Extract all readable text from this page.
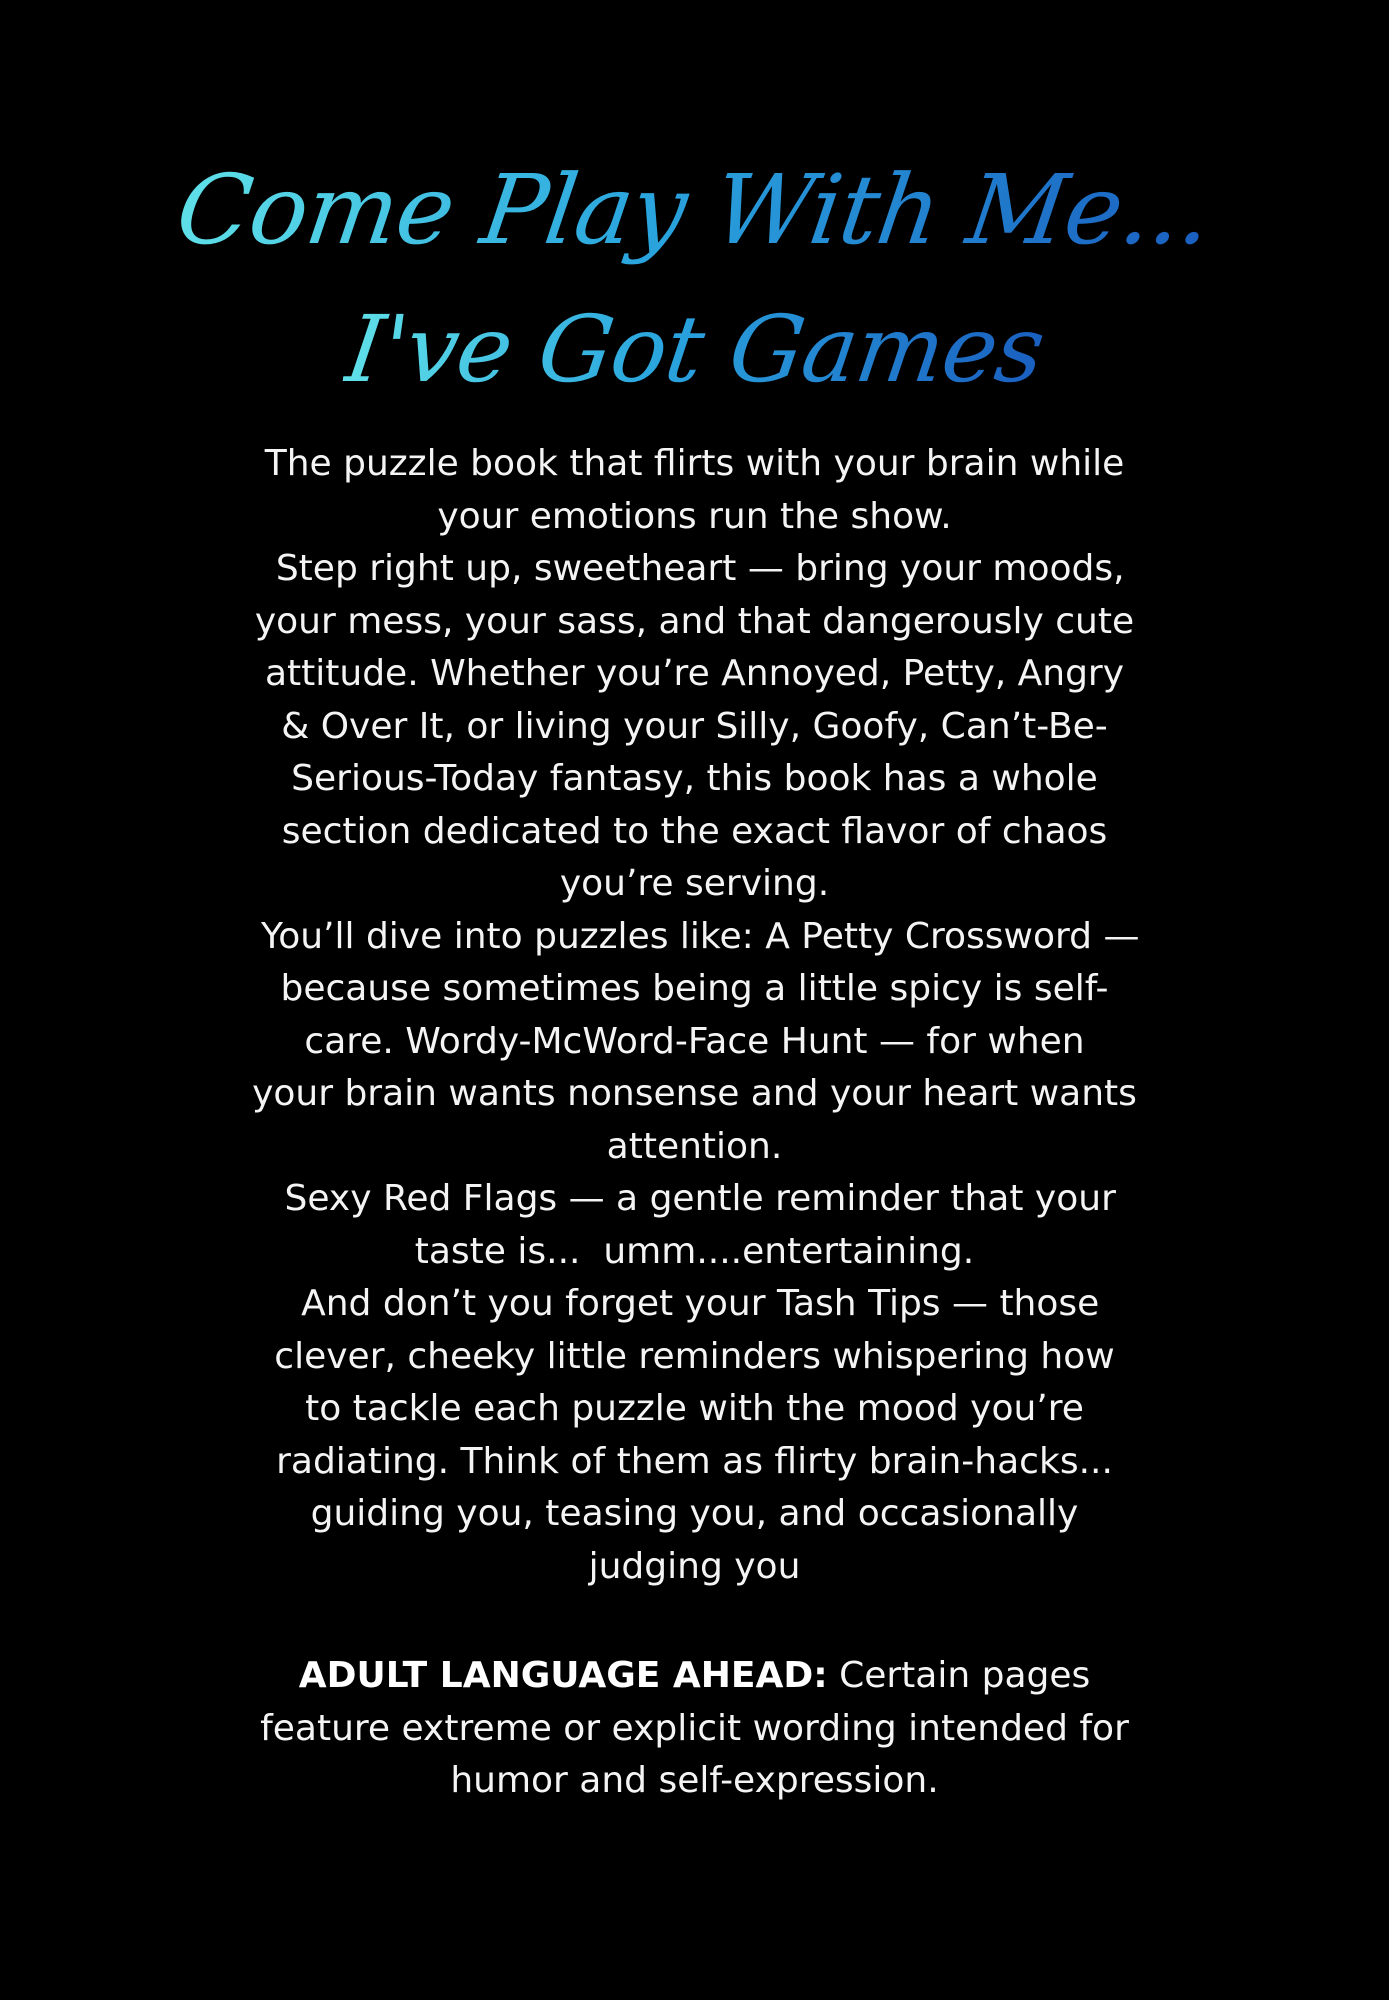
Come Play With Me...
I've Got Games
The puzzle book that flirts with your brain while
your emotions run the show.
Step right up, sweetheart — bring your moods,
your mess, your sass, and that dangerously cute
attitude. Whether you’re Annoyed, Petty, Angry
& Over It, or living your Silly, Goofy, Can’t-Be-
Serious-Today fantasy, this book has a whole
section dedicated to the exact flavor of chaos
you’re serving.
You’ll dive into puzzles like: A Petty Crossword —
because sometimes being a little spicy is self-
care. Wordy-McWord-Face Hunt — for when
your brain wants nonsense and your heart wants
attention.
Sexy Red Flags — a gentle reminder that your
taste is...  umm....entertaining.
And don’t you forget your Tash Tips — those
clever, cheeky little reminders whispering how
to tackle each puzzle with the mood you’re
radiating. Think of them as flirty brain-hacks...
guiding you, teasing you, and occasionally
judging you
ADULT LANGUAGE AHEAD: Certain pages
feature extreme or explicit wording intended for
humor and self-expression.
